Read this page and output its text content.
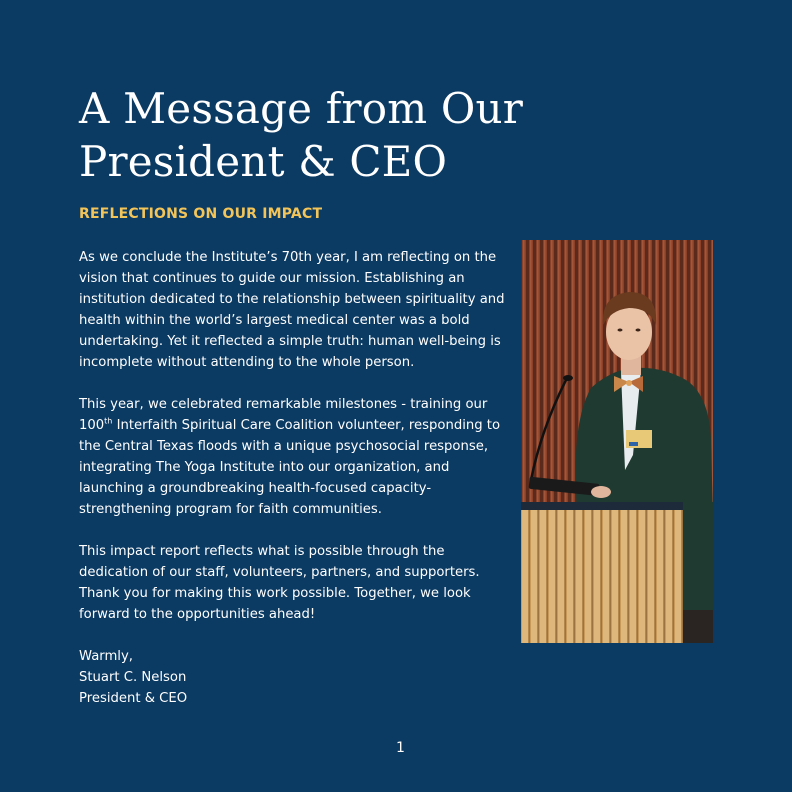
A Message from Our
President & CEO
REFLECTIONS ON OUR IMPACT

As we conclude the Institute’s 70th year, I am reflecting on the vision that continues to guide our mission. Establishing an institution dedicated to the relationship between spirituality and health within the world’s largest medical center was a bold undertaking. Yet it reflected a simple truth: human well-being is incomplete without attending to the whole person.

This year, we celebrated remarkable milestones - training our 100th Interfaith Spiritual Care Coalition volunteer, responding to the Central Texas floods with a unique psychosocial response, integrating The Yoga Institute into our organization, and launching a groundbreaking health-focused capacity-strengthening program for faith communities.

This impact report reflects what is possible through the dedication of our staff, volunteers, partners, and supporters. Thank you for making this work possible. Together, we look forward to the opportunities ahead!

Warmly,
Stuart C. Nelson
President & CEO

1
